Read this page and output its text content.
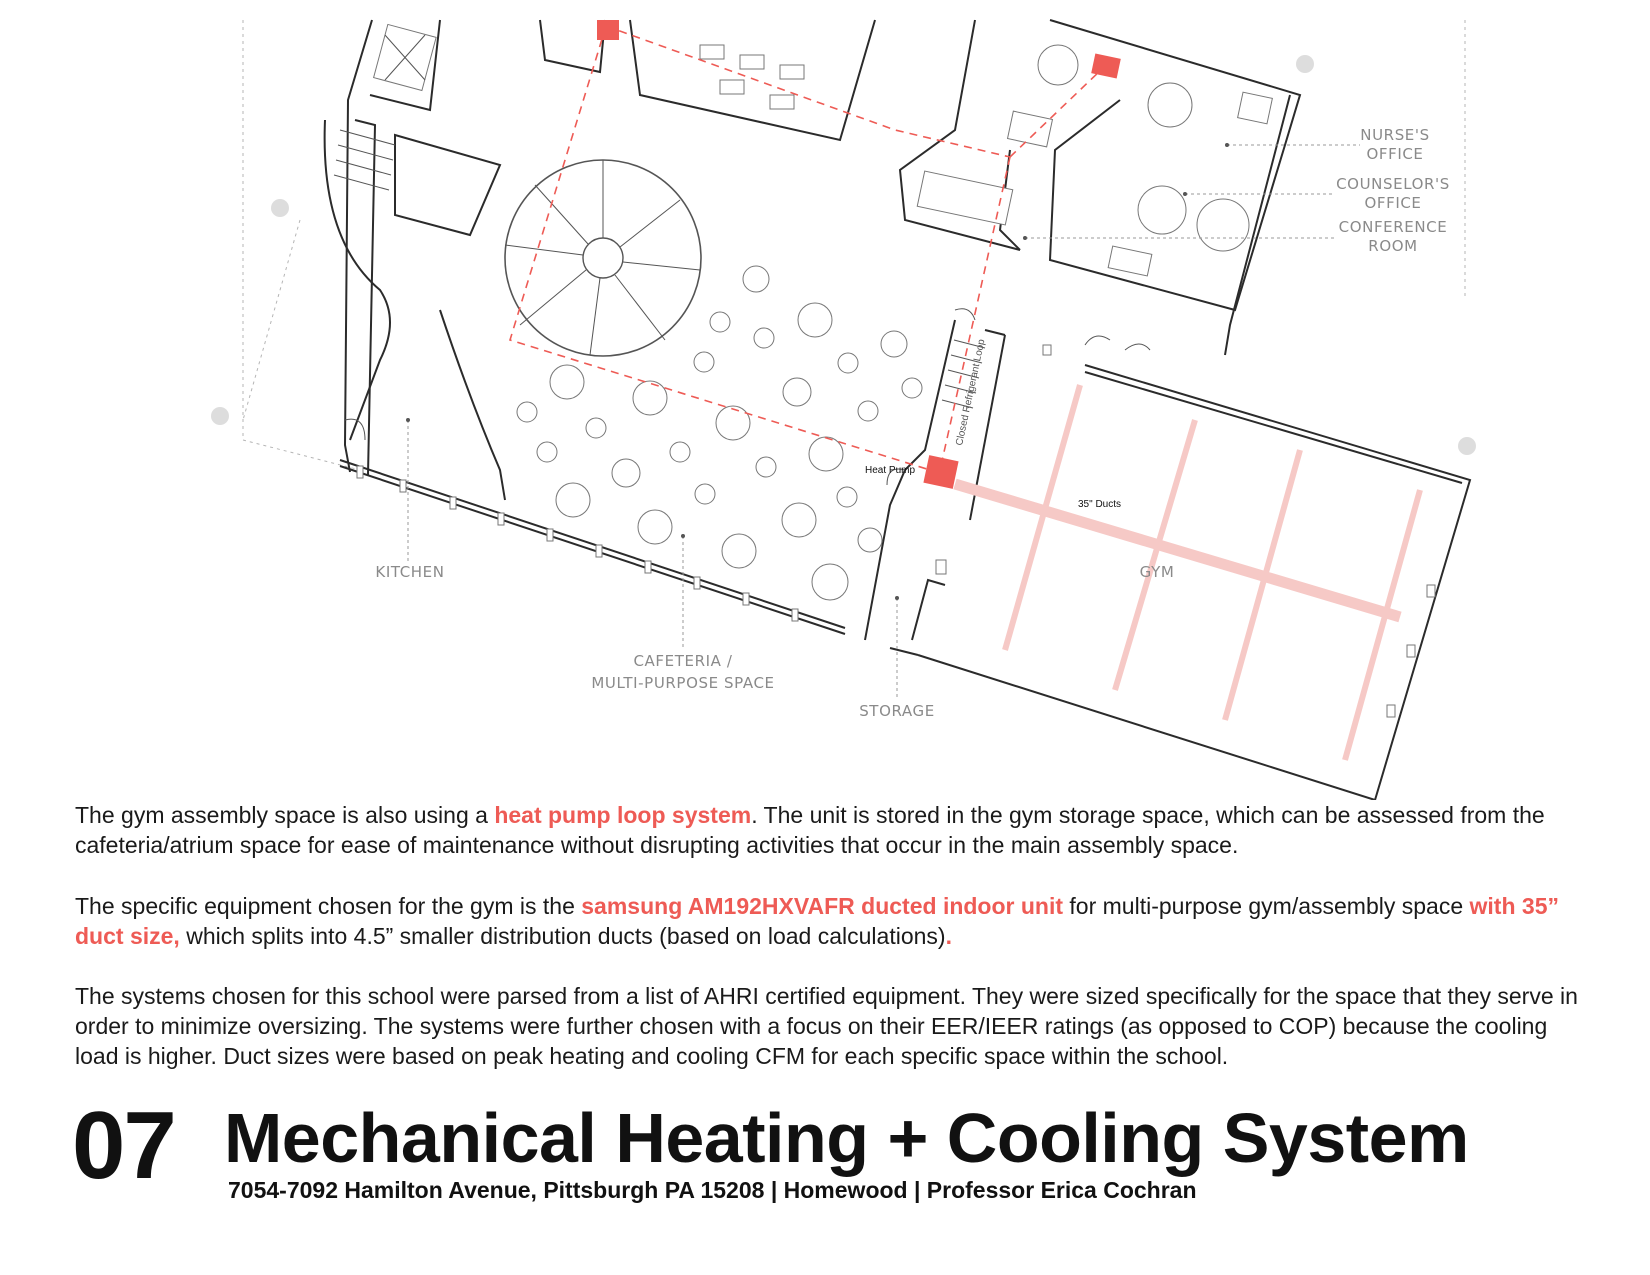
KITCHEN
CAFETERIA /
MULTI-PURPOSE SPACE
STORAGE
GYM
NURSE'S
OFFICE
COUNSELOR'S
OFFICE
CONFERENCE
ROOM
Heat Pump
35" Ducts
Closed Refrigerant Loop

The gym assembly space is also using a heat pump loop system. The unit is stored in the gym storage space, which can be assessed from the cafeteria/atrium space for ease of maintenance without disrupting activities that occur in the main assembly space.

The specific equipment chosen for the gym is the samsung AM192HXVAFR ducted indoor unit for multi-purpose gym/assembly space with 35” duct size, which splits into 4.5” smaller distribution ducts (based on load calculations).

The systems chosen for this school were parsed from a list of AHRI certified equipment. They were sized specifically for the space that they serve in order to minimize oversizing. The systems were further chosen with a focus on their EER/IEER ratings (as opposed to COP) because the cooling load is higher. Duct sizes were based on peak heating and cooling CFM for each specific space within the school.

07 Mechanical Heating + Cooling System
7054-7092 Hamilton Avenue, Pittsburgh PA 15208 | Homewood | Professor Erica Cochran
